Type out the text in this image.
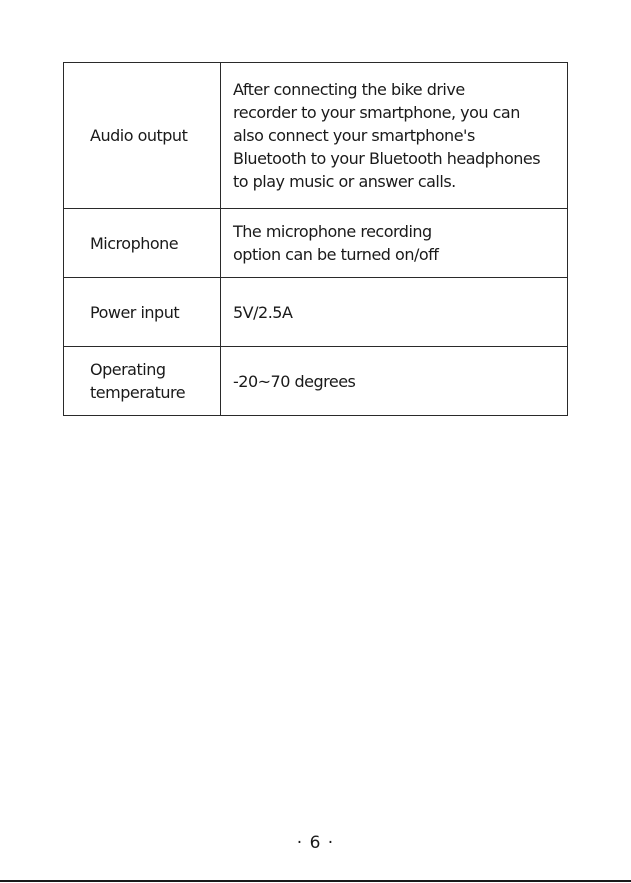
Audio output	After connecting the bike drive
recorder to your smartphone, you can
also connect your smartphone's
Bluetooth to your Bluetooth headphones
to play music or answer calls.

Microphone	The microphone recording
option can be turned on/off

Power input	5V/2.5A

Operating
temperature	-20~70 degrees
· 6 ·
